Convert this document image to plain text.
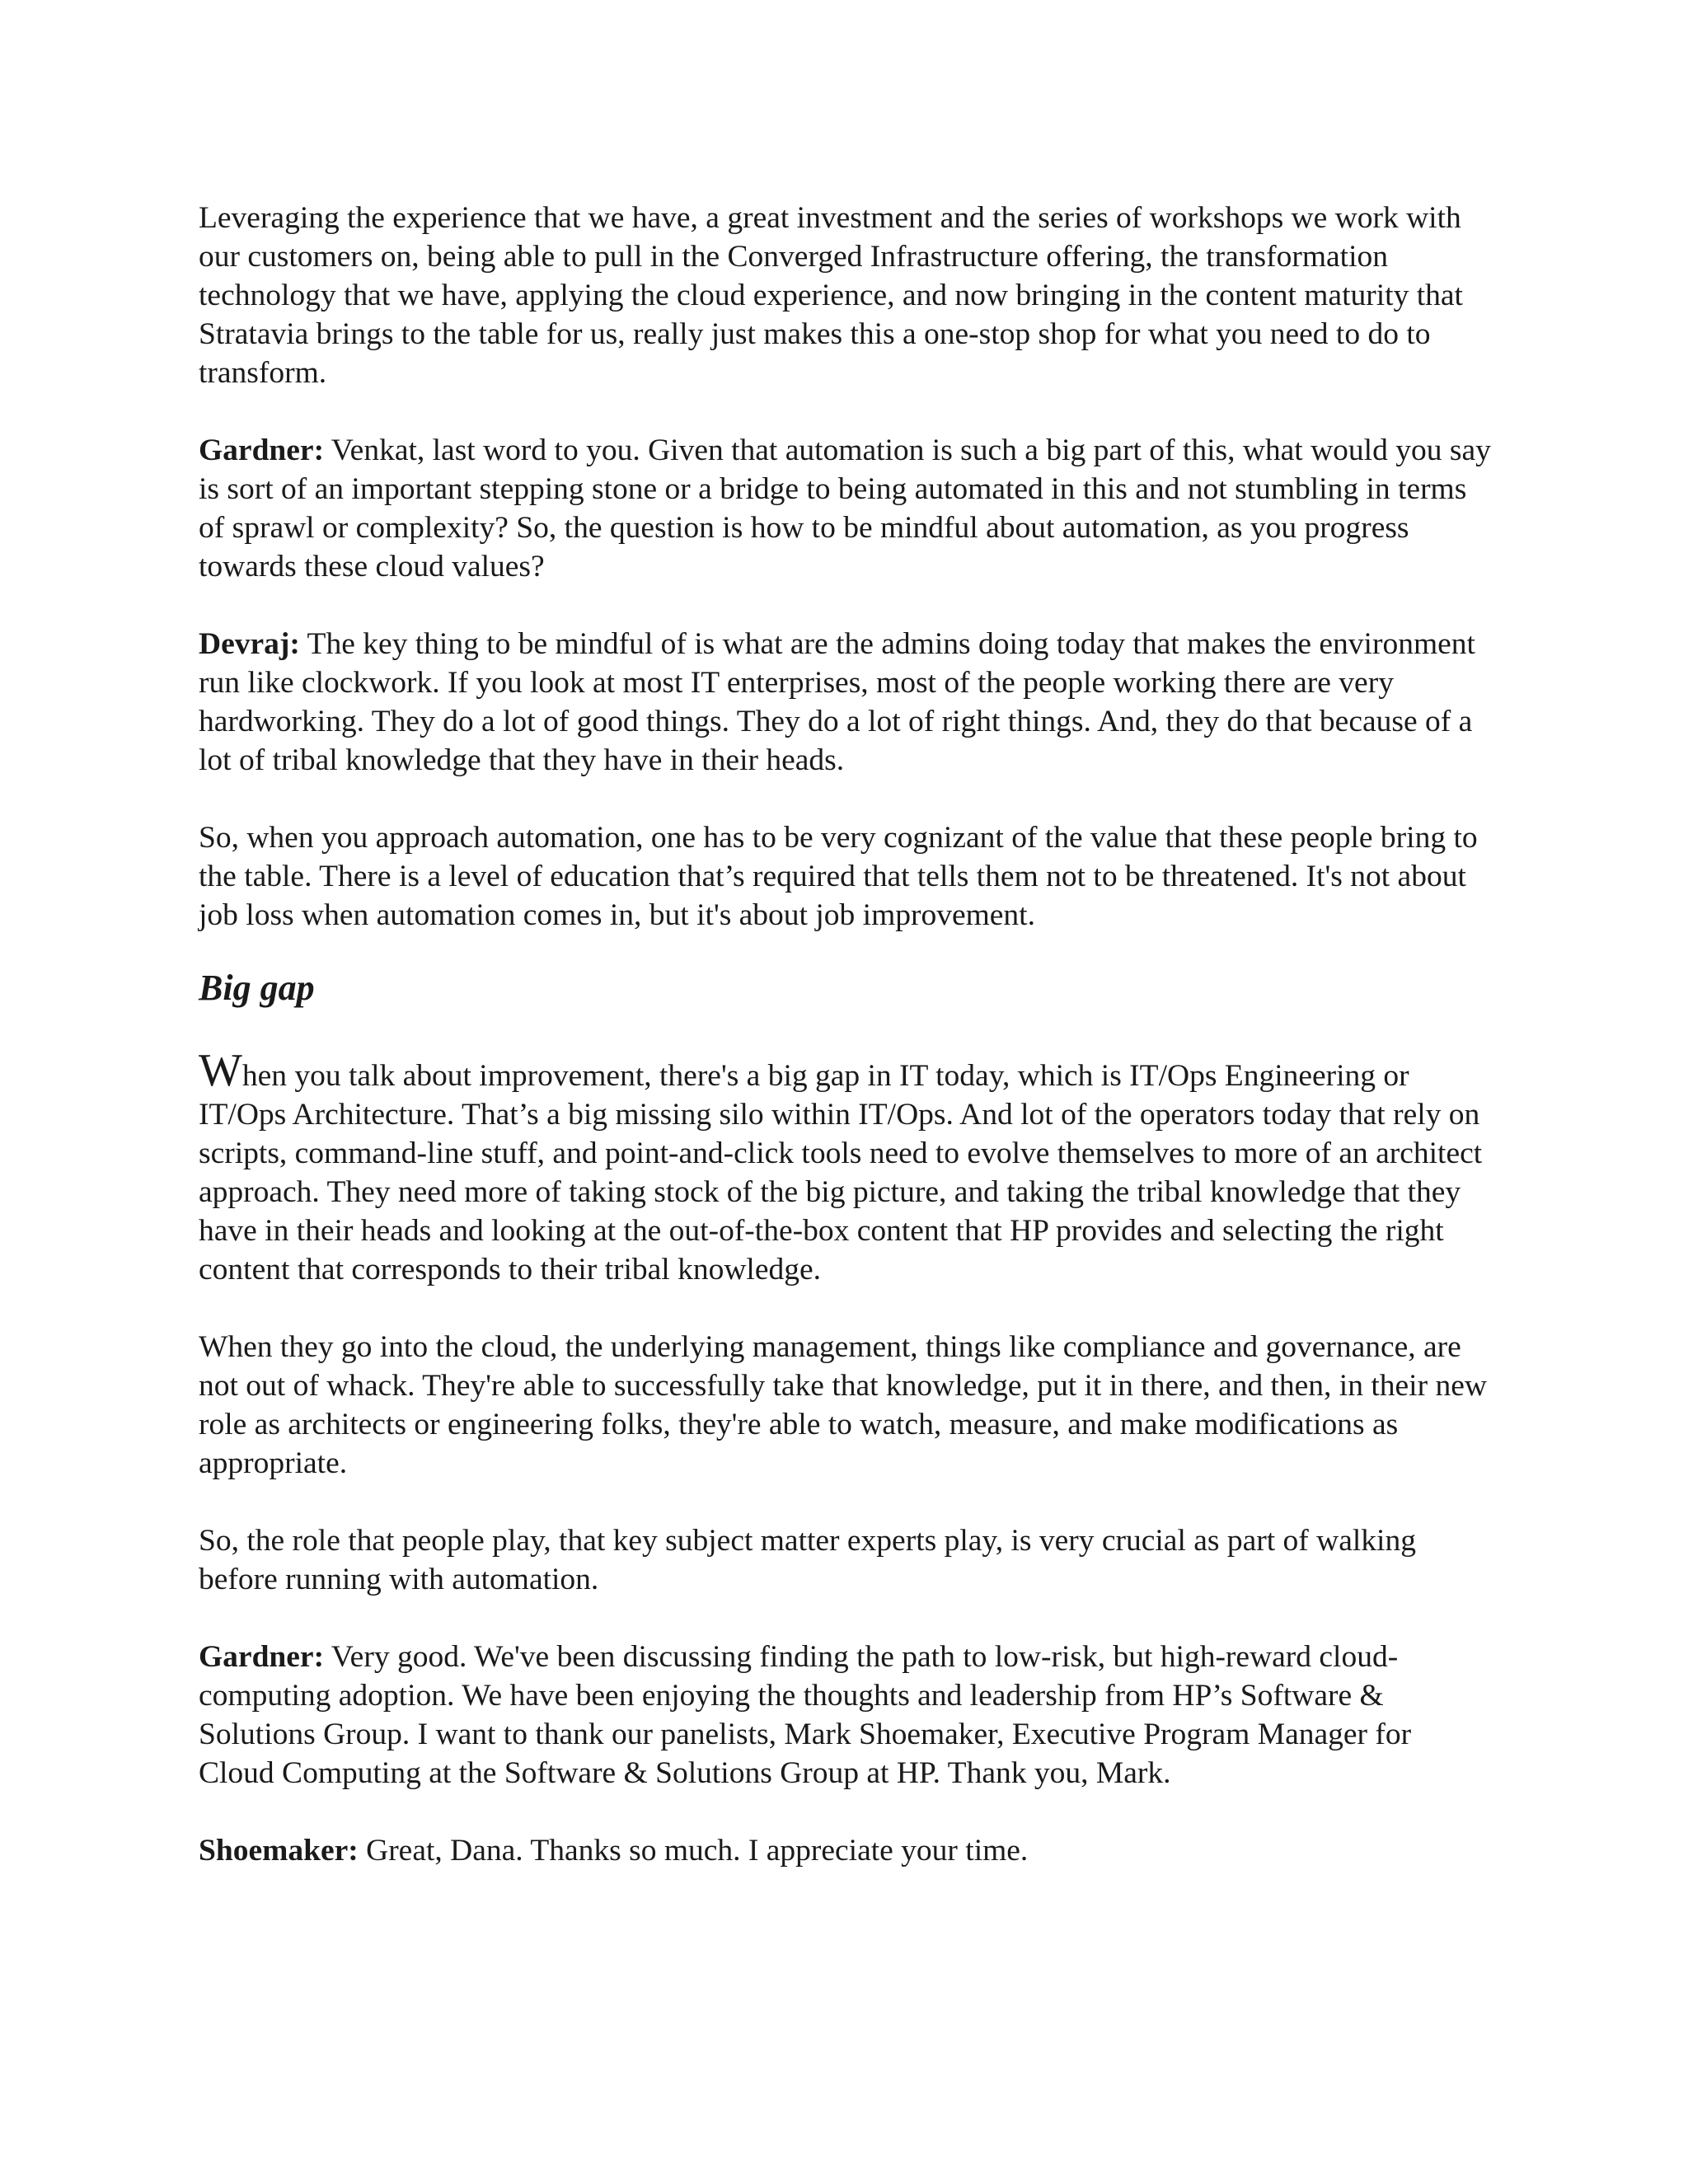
Leveraging the experience that we have, a great investment and the series of workshops we work with our customers on, being able to pull in the Converged Infrastructure offering, the transformation technology that we have, applying the cloud experience, and now bringing in the content maturity that Stratavia brings to the table for us, really just makes this a one-stop shop for what you need to do to transform.

Gardner: Venkat, last word to you. Given that automation is such a big part of this, what would you say is sort of an important stepping stone or a bridge to being automated in this and not stumbling in terms of sprawl or complexity? So, the question is how to be mindful about automation, as you progress towards these cloud values?

Devraj: The key thing to be mindful of is what are the admins doing today that makes the environment run like clockwork. If you look at most IT enterprises, most of the people working there are very hardworking. They do a lot of good things. They do a lot of right things. And, they do that because of a lot of tribal knowledge that they have in their heads.

So, when you approach automation, one has to be very cognizant of the value that these people bring to the table. There is a level of education that’s required that tells them not to be threatened. It's not about job loss when automation comes in, but it's about job improvement.

Big gap

When you talk about improvement, there's a big gap in IT today, which is IT/Ops Engineering or IT/Ops Architecture. That’s a big missing silo within IT/Ops. And lot of the operators today that rely on scripts, command-line stuff, and point-and-click tools need to evolve themselves to more of an architect approach. They need more of taking stock of the big picture, and taking the tribal knowledge that they have in their heads and looking at the out-of-the-box content that HP provides and selecting the right content that corresponds to their tribal knowledge.

When they go into the cloud, the underlying management, things like compliance and governance, are not out of whack. They're able to successfully take that knowledge, put it in there, and then, in their new role as architects or engineering folks, they're able to watch, measure, and make modifications as appropriate.

So, the role that people play, that key subject matter experts play, is very crucial as part of walking before running with automation.

Gardner: Very good. We've been discussing finding the path to low-risk, but high-reward cloud-computing adoption. We have been enjoying the thoughts and leadership from HP’s Software & Solutions Group. I want to thank our panelists, Mark Shoemaker, Executive Program Manager for Cloud Computing at the Software & Solutions Group at HP. Thank you, Mark.

Shoemaker: Great, Dana. Thanks so much. I appreciate your time.
